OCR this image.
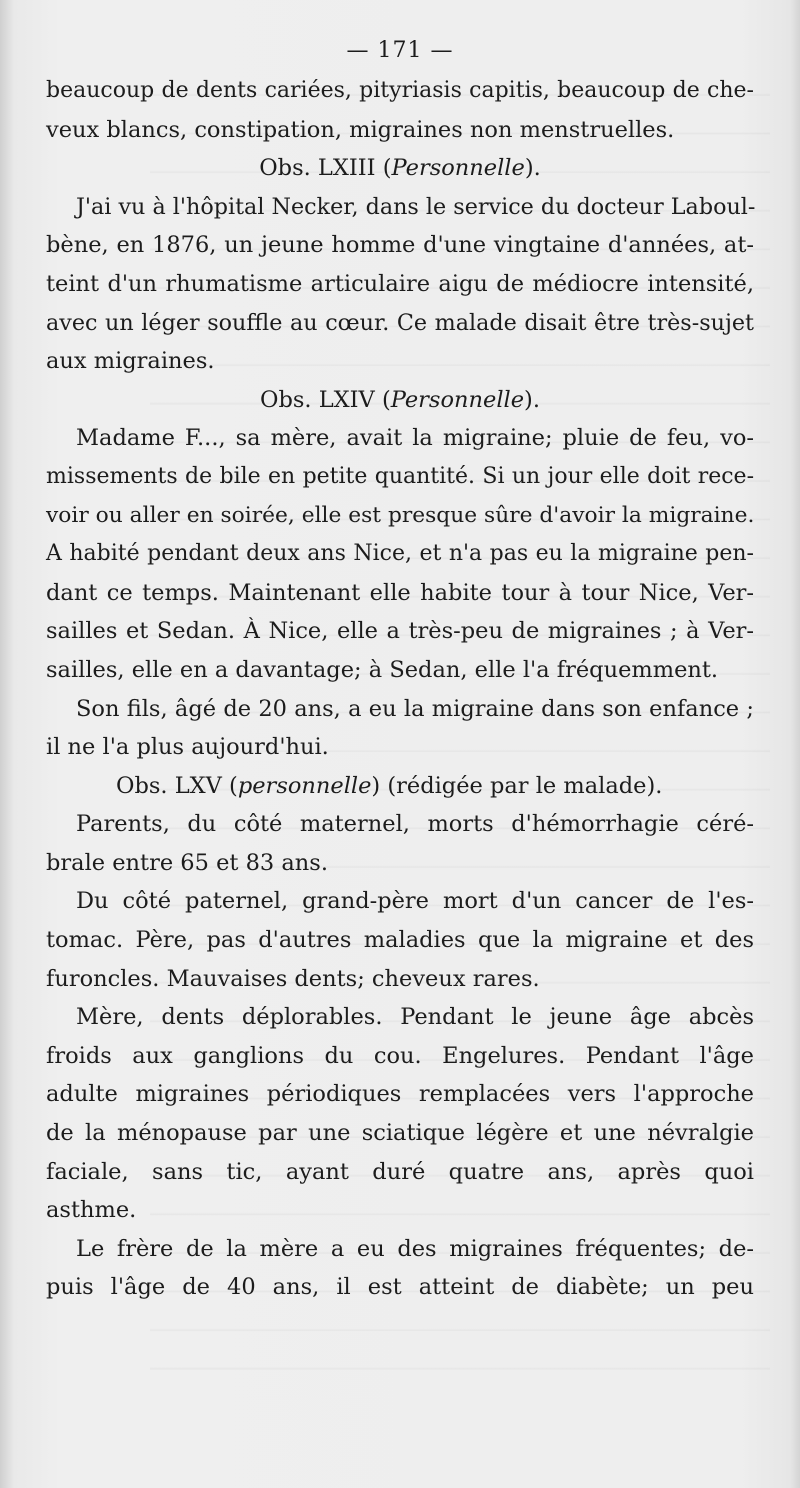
— 171 —
beaucoup de dents cariées, pityriasis capitis, beaucoup de che-
veux blancs, constipation, migraines non menstruelles.
Obs. LXIII (Personnelle).
J'ai vu à l'hôpital Necker, dans le service du docteur Laboul-
bène, en 1876, un jeune homme d'une vingtaine d'années, at-
teint d'un rhumatisme articulaire aigu de médiocre intensité,
avec un léger souffle au cœur. Ce malade disait être très-sujet
aux migraines.
Obs. LXIV (Personnelle).
Madame F..., sa mère, avait la migraine; pluie de feu, vo-
missements de bile en petite quantité. Si un jour elle doit rece-
voir ou aller en soirée, elle est presque sûre d'avoir la migraine.
A habité pendant deux ans Nice, et n'a pas eu la migraine pen-
dant ce temps. Maintenant elle habite tour à tour Nice, Ver-
sailles et Sedan. À Nice, elle a très-peu de migraines ; à Ver-
sailles, elle en a davantage; à Sedan, elle l'a fréquemment.
Son fils, âgé de 20 ans, a eu la migraine dans son enfance ;
il ne l'a plus aujourd'hui.
Obs. LXV (personnelle) (rédigée par le malade).
Parents, du côté maternel, morts d'hémorrhagie céré-
brale entre 65 et 83 ans.
Du côté paternel, grand-père mort d'un cancer de l'es-
tomac. Père, pas d'autres maladies que la migraine et des
furoncles. Mauvaises dents; cheveux rares.
Mère, dents déplorables. Pendant le jeune âge abcès
froids aux ganglions du cou. Engelures. Pendant l'âge
adulte migraines périodiques remplacées vers l'approche
de la ménopause par une sciatique légère et une névralgie
faciale, sans tic, ayant duré quatre ans, après quoi
asthme.
Le frère de la mère a eu des migraines fréquentes; de-
puis l'âge de 40 ans, il est atteint de diabète; un peu
